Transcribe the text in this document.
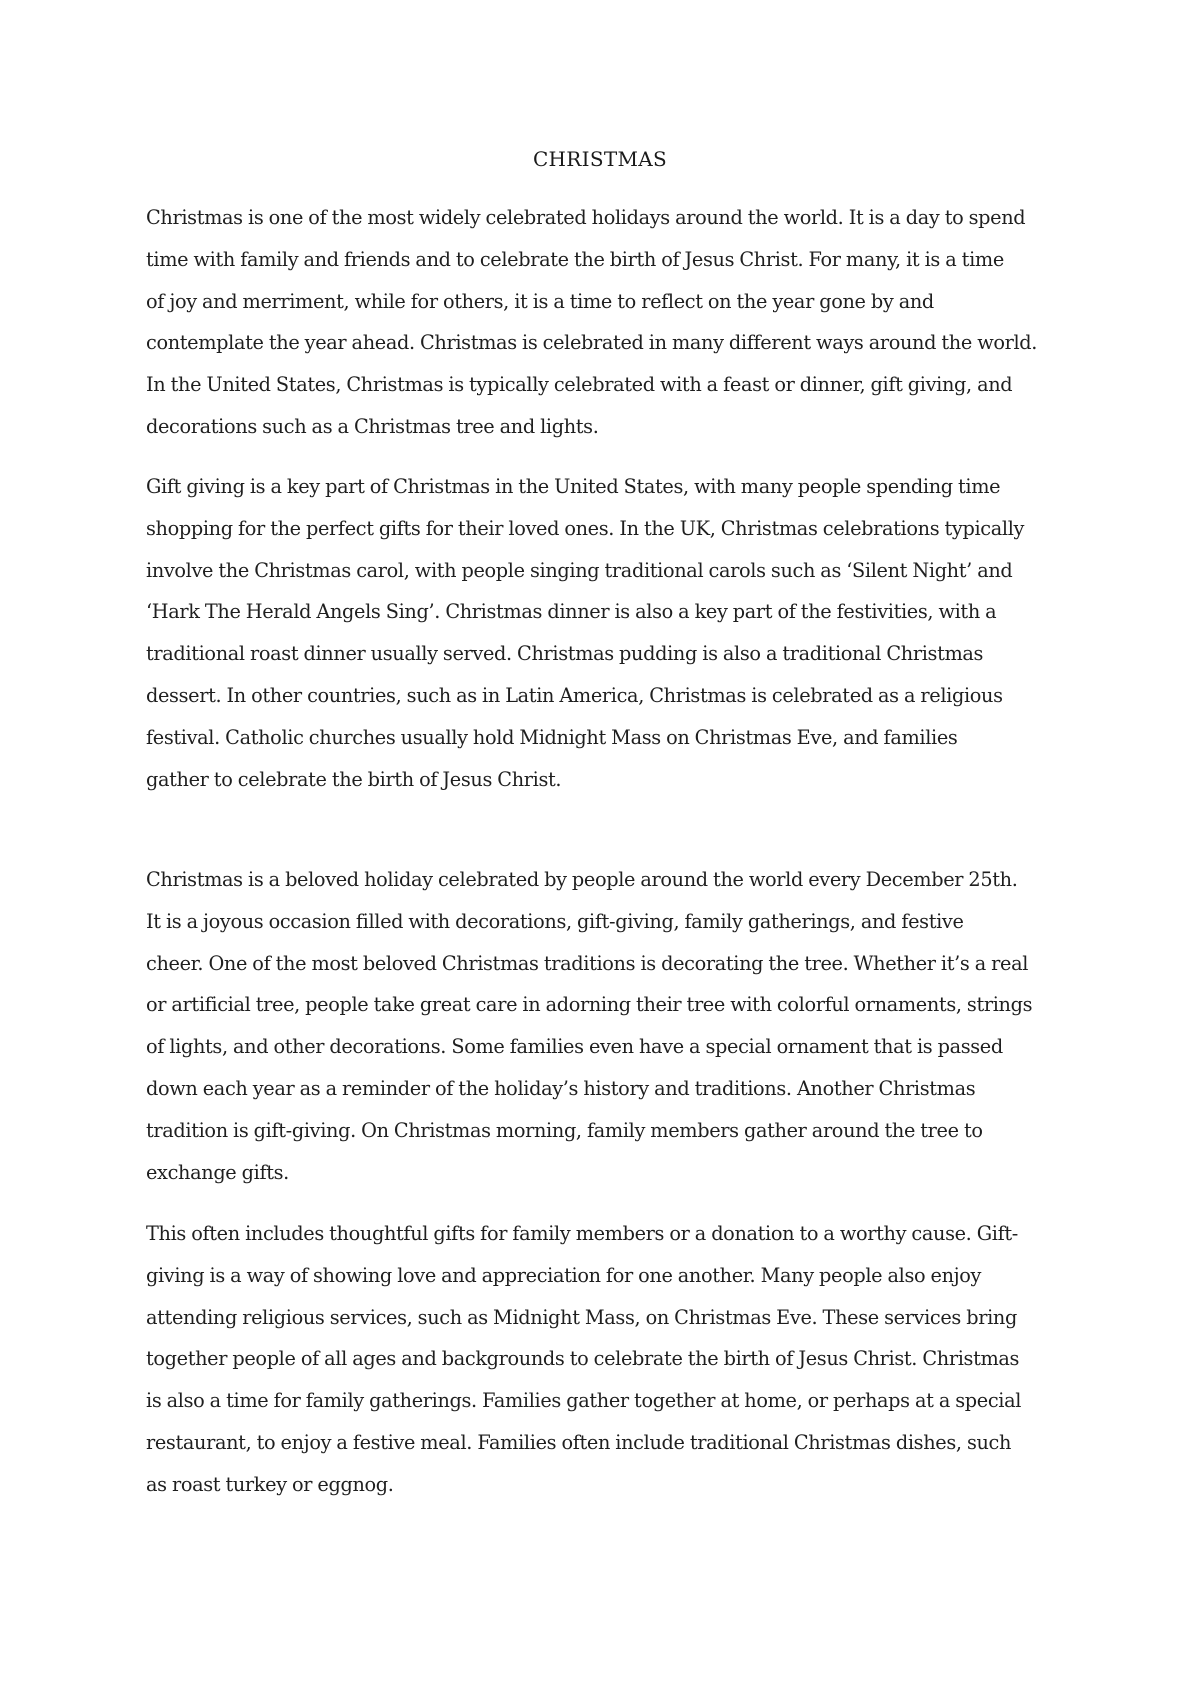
CHRISTMAS

Christmas is one of the most widely celebrated holidays around the world. It is a day to spend
time with family and friends and to celebrate the birth of Jesus Christ. For many, it is a time
of joy and merriment, while for others, it is a time to reflect on the year gone by and
contemplate the year ahead. Christmas is celebrated in many different ways around the world.
In the United States, Christmas is typically celebrated with a feast or dinner, gift giving, and
decorations such as a Christmas tree and lights.

Gift giving is a key part of Christmas in the United States, with many people spending time
shopping for the perfect gifts for their loved ones. In the UK, Christmas celebrations typically
involve the Christmas carol, with people singing traditional carols such as ‘Silent Night’ and
‘Hark The Herald Angels Sing’. Christmas dinner is also a key part of the festivities, with a
traditional roast dinner usually served. Christmas pudding is also a traditional Christmas
dessert. In other countries, such as in Latin America, Christmas is celebrated as a religious
festival. Catholic churches usually hold Midnight Mass on Christmas Eve, and families
gather to celebrate the birth of Jesus Christ.

Christmas is a beloved holiday celebrated by people around the world every December 25th.
It is a joyous occasion filled with decorations, gift-giving, family gatherings, and festive
cheer. One of the most beloved Christmas traditions is decorating the tree. Whether it’s a real
or artificial tree, people take great care in adorning their tree with colorful ornaments, strings
of lights, and other decorations. Some families even have a special ornament that is passed
down each year as a reminder of the holiday’s history and traditions. Another Christmas
tradition is gift-giving. On Christmas morning, family members gather around the tree to
exchange gifts.

This often includes thoughtful gifts for family members or a donation to a worthy cause. Gift-
giving is a way of showing love and appreciation for one another. Many people also enjoy
attending religious services, such as Midnight Mass, on Christmas Eve. These services bring
together people of all ages and backgrounds to celebrate the birth of Jesus Christ. Christmas
is also a time for family gatherings. Families gather together at home, or perhaps at a special
restaurant, to enjoy a festive meal. Families often include traditional Christmas dishes, such
as roast turkey or eggnog.
